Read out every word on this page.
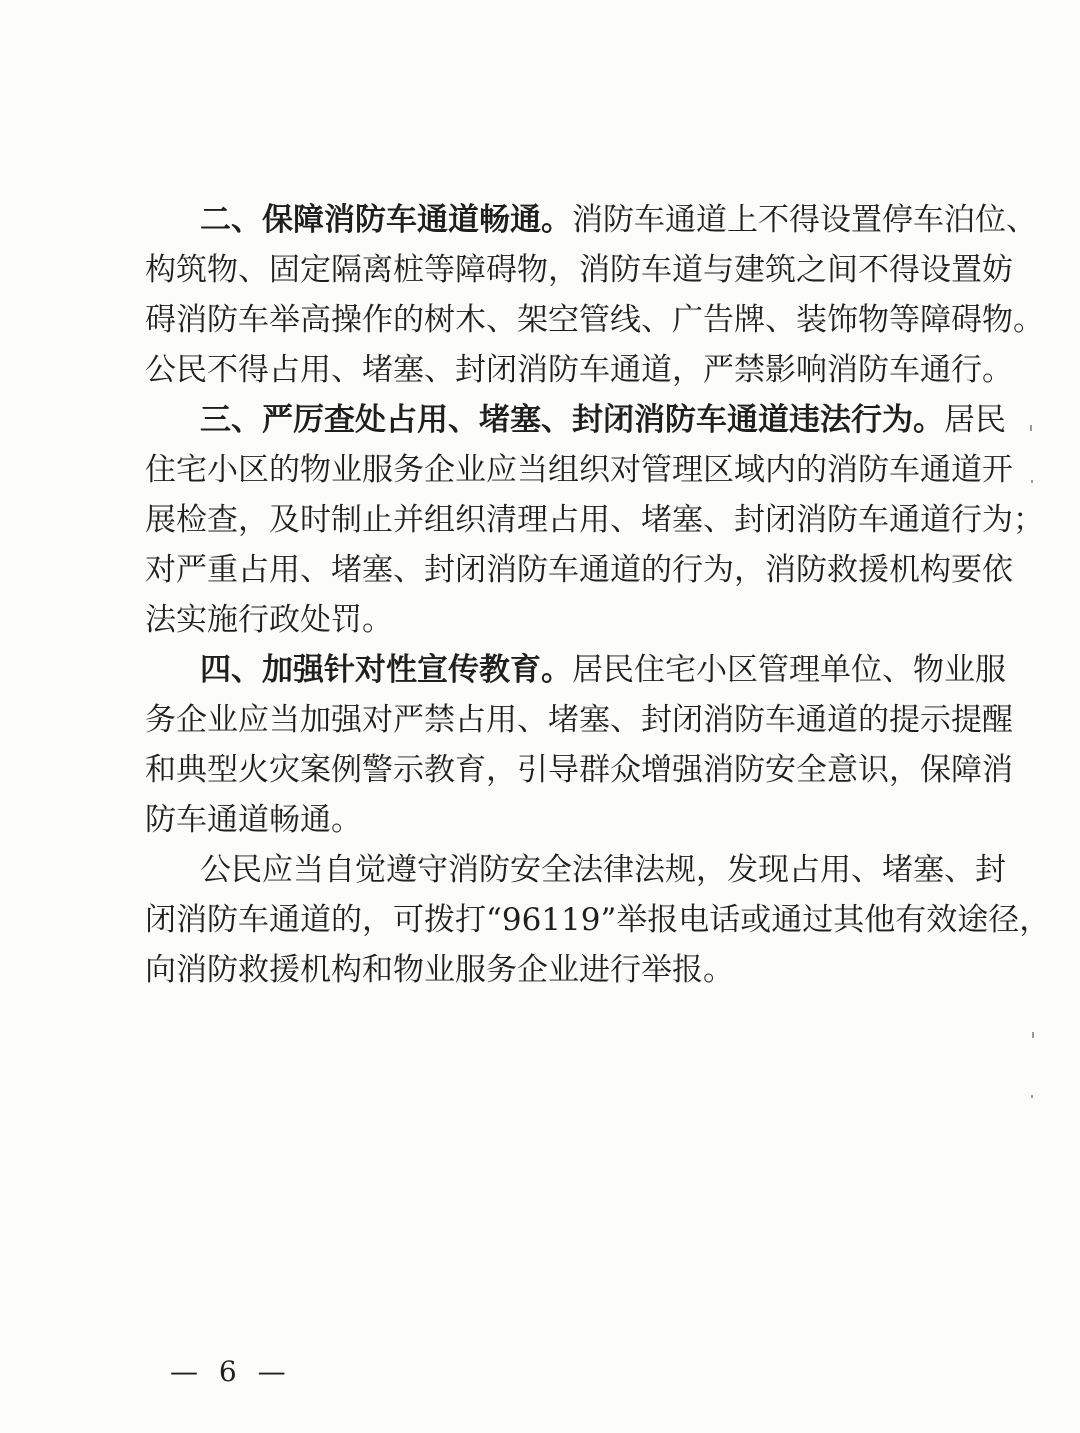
二、保障消防车通道畅通。消防车通道上不得设置停车泊位、
构筑物、固定隔离桩等障碍物，消防车道与建筑之间不得设置妨
碍消防车举高操作的树木、架空管线、广告牌、装饰物等障碍物。
公民不得占用、堵塞、封闭消防车通道，严禁影响消防车通行。
三、严厉查处占用、堵塞、封闭消防车通道违法行为。居民
住宅小区的物业服务企业应当组织对管理区域内的消防车通道开
展检查，及时制止并组织清理占用、堵塞、封闭消防车通道行为；
对严重占用、堵塞、封闭消防车通道的行为，消防救援机构要依
法实施行政处罚。
四、加强针对性宣传教育。居民住宅小区管理单位、物业服
务企业应当加强对严禁占用、堵塞、封闭消防车通道的提示提醒
和典型火灾案例警示教育，引导群众增强消防安全意识，保障消
防车通道畅通。
公民应当自觉遵守消防安全法律法规，发现占用、堵塞、封
闭消防车通道的，可拨打“96119”举报电话或通过其他有效途径，
向消防救援机构和物业服务企业进行举报。
— 6 —
